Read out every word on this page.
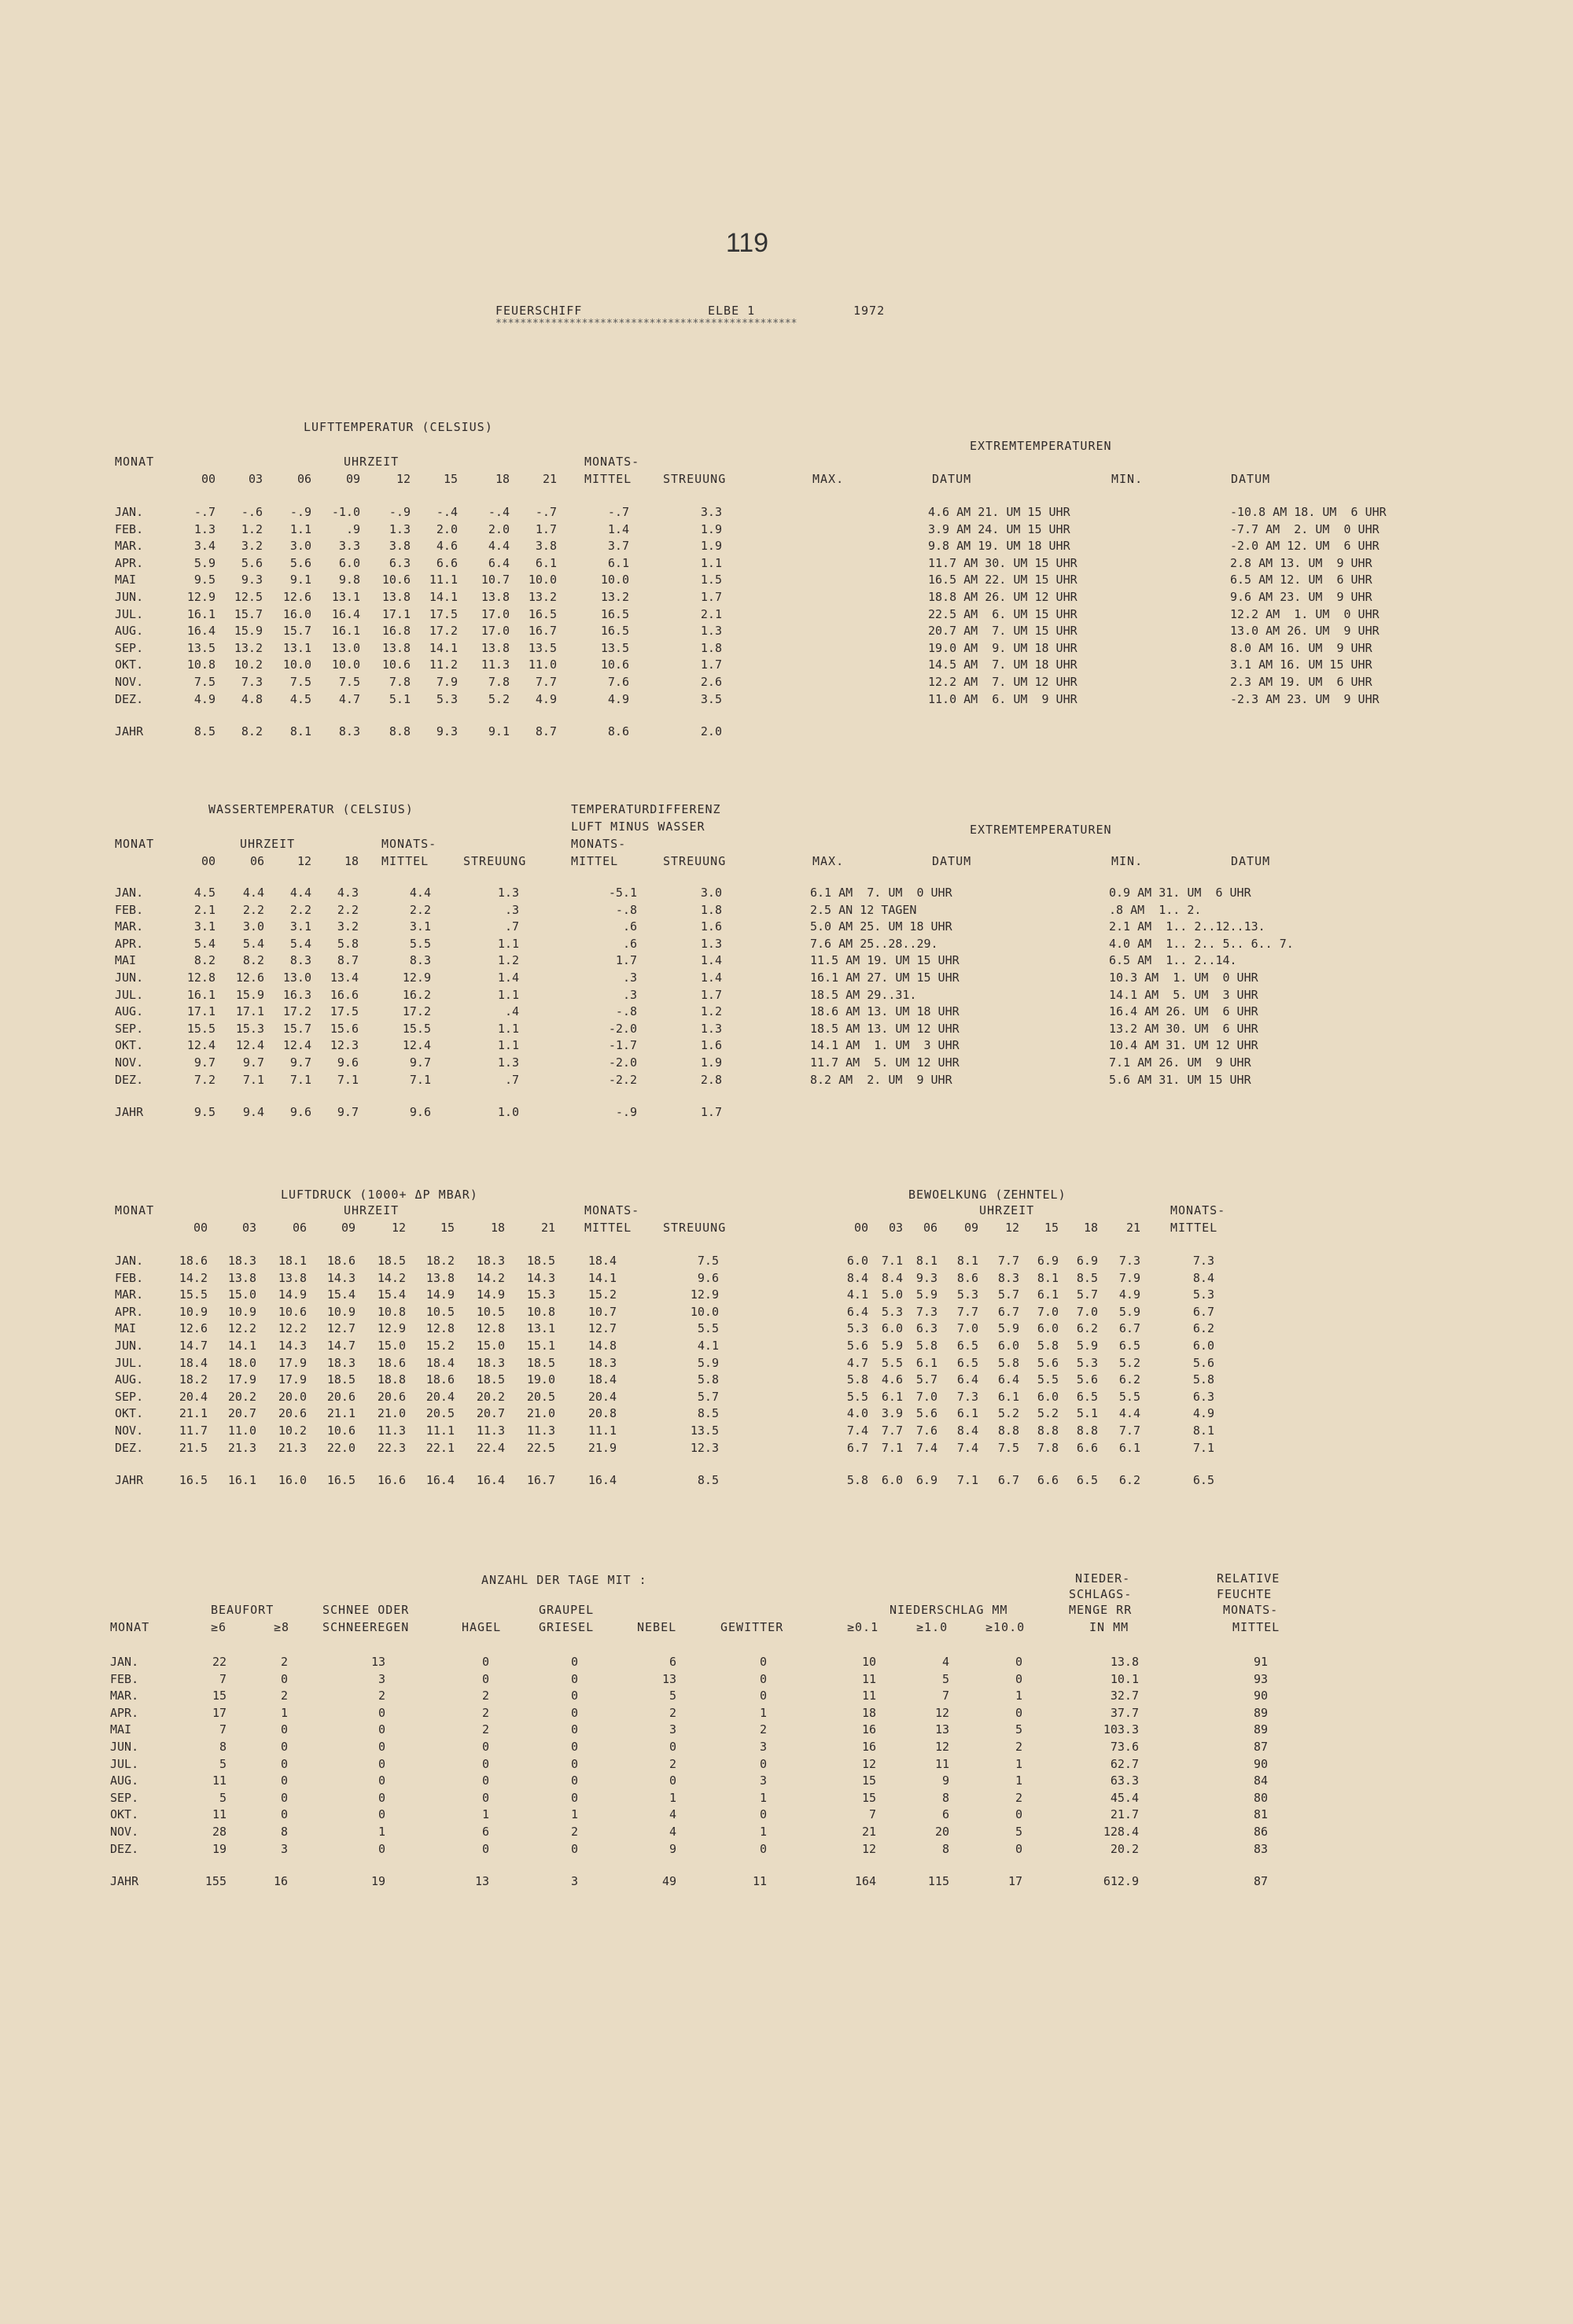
119
FEUERSCHIFF	ELBE 1	1972
*************************************************
LUFTTEMPERATUR (CELSIUS)
EXTREMTEMPERATUREN
MONAT	UHRZEIT	MONATS-
00	03	06	09	12	15	18	21 MITTEL	STREUUNG	MAX.	DATUM	MIN.	DATUM
JAN.	-.7	-.6	-.9	-1.0	-.9	-.4	-.4	-.7	-.7	3.3	4.6 AM 21. UM 15 UHR	-10.8 AM 18. UM  6 UHR
FEB.	1.3	1.2	1.1	.9	1.3	2.0	2.0	1.7	1.4	1.9	3.9 AM 24. UM 15 UHR	-7.7 AM  2. UM  0 UHR
MAR.	3.4	3.2	3.0	3.3	3.8	4.6	4.4	3.8	3.7	1.9	9.8 AM 19. UM 18 UHR	-2.0 AM 12. UM  6 UHR
APR.	5.9	5.6	5.6	6.0	6.3	6.6	6.4	6.1	6.1	1.1	11.7 AM 30. UM 15 UHR	2.8 AM 13. UM  9 UHR
MAI	9.5	9.3	9.1	9.8	10.6	11.1	10.7	10.0	10.0	1.5	16.5 AM 22. UM 15 UHR	6.5 AM 12. UM  6 UHR
JUN.	12.9	12.5	12.6	13.1	13.8	14.1	13.8	13.2	13.2	1.7	18.8 AM 26. UM 12 UHR	9.6 AM 23. UM  9 UHR
JUL.	16.1	15.7	16.0	16.4	17.1	17.5	17.0	16.5	16.5	2.1	22.5 AM  6. UM 15 UHR	12.2 AM  1. UM  0 UHR
AUG.	16.4	15.9	15.7	16.1	16.8	17.2	17.0	16.7	16.5	1.3	20.7 AM  7. UM 15 UHR	13.0 AM 26. UM  9 UHR
SEP.	13.5	13.2	13.1	13.0	13.8	14.1	13.8	13.5	13.5	1.8	19.0 AM  9. UM 18 UHR	8.0 AM 16. UM  9 UHR
OKT.	10.8	10.2	10.0	10.0	10.6	11.2	11.3	11.0	10.6	1.7	14.5 AM  7. UM 18 UHR	3.1 AM 16. UM 15 UHR
NOV.	7.5	7.3	7.5	7.5	7.8	7.9	7.8	7.7	7.6	2.6	12.2 AM  7. UM 12 UHR	2.3 AM 19. UM  6 UHR
DEZ.	4.9	4.8	4.5	4.7	5.1	5.3	5.2	4.9	4.9	3.5	11.0 AM  6. UM  9 UHR	-2.3 AM 23. UM  9 UHR
JAHR	8.5	8.2	8.1	8.3	8.8	9.3	9.1	8.7	8.6	2.0
WASSERTEMPERATUR (CELSIUS)	TEMPERATURDIFFERENZ
LUFT MINUS WASSER	EXTREMTEMPERATUREN
MONAT	UHRZEIT	MONATS-	MONATS-
00	06	12	18 MITTEL	STREUUNG	MITTEL	STREUUNG	MAX.	DATUM	MIN.	DATUM
JAN.	4.5	4.4	4.4	4.3	4.4	1.3	-5.1	3.0	6.1 AM  7. UM  0 UHR	0.9 AM 31. UM  6 UHR
FEB.	2.1	2.2	2.2	2.2	2.2	.3	-.8	1.8	2.5 AN 12 TAGEN	.8 AM  1.. 2.
MAR.	3.1	3.0	3.1	3.2	3.1	.7	.6	1.6	5.0 AM 25. UM 18 UHR	2.1 AM  1.. 2..12..13.
APR.	5.4	5.4	5.4	5.8	5.5	1.1	.6	1.3	7.6 AM 25..28..29.	4.0 AM  1.. 2.. 5.. 6.. 7.
MAI	8.2	8.2	8.3	8.7	8.3	1.2	1.7	1.4	11.5 AM 19. UM 15 UHR	6.5 AM  1.. 2..14.
JUN.	12.8	12.6	13.0	13.4	12.9	1.4	.3	1.4	16.1 AM 27. UM 15 UHR	10.3 AM  1. UM  0 UHR
JUL.	16.1	15.9	16.3	16.6	16.2	1.1	.3	1.7	18.5 AM 29..31.	14.1 AM  5. UM  3 UHR
AUG.	17.1	17.1	17.2	17.5	17.2	.4	-.8	1.2	18.6 AM 13. UM 18 UHR	16.4 AM 26. UM  6 UHR
SEP.	15.5	15.3	15.7	15.6	15.5	1.1	-2.0	1.3	18.5 AM 13. UM 12 UHR	13.2 AM 30. UM  6 UHR
OKT.	12.4	12.4	12.4	12.3	12.4	1.1	-1.7	1.6	14.1 AM  1. UM  3 UHR	10.4 AM 31. UM 12 UHR
NOV.	9.7	9.7	9.7	9.6	9.7	1.3	-2.0	1.9	11.7 AM  5. UM 12 UHR	7.1 AM 26. UM  9 UHR
DEZ.	7.2	7.1	7.1	7.1	7.1	.7	-2.2	2.8	8.2 AM  2. UM  9 UHR	5.6 AM 31. UM 15 UHR
JAHR	9.5	9.4	9.6	9.7	9.6	1.0	-.9	1.7
LUFTDRUCK (1000+ ΔP MBAR)	BEWOELKUNG (ZEHNTEL)
MONAT	UHRZEIT	MONATS-	UHRZEIT	MONATS-
00	03	06	09	12	15	18	21	00	03	06	09	12	15	18	21
MITTEL	STREUUNG	MITTEL
JAN.	18.6	18.3	18.1	18.6	18.5	18.2	18.3	18.5	18.4	7.5	6.0	7.1	8.1	8.1	7.7	6.9	6.9	7.3	7.3
FEB.	14.2	13.8	13.8	14.3	14.2	13.8	14.2	14.3	14.1	9.6	8.4	8.4	9.3	8.6	8.3	8.1	8.5	7.9	8.4
MAR.	15.5	15.0	14.9	15.4	15.4	14.9	14.9	15.3	15.2	12.9	4.1	5.0	5.9	5.3	5.7	6.1	5.7	4.9	5.3
APR.	10.9	10.9	10.6	10.9	10.8	10.5	10.5	10.8	10.7	10.0	6.4	5.3	7.3	7.7	6.7	7.0	7.0	5.9	6.7
MAI	12.6	12.2	12.2	12.7	12.9	12.8	12.8	13.1	12.7	5.5	5.3	6.0	6.3	7.0	5.9	6.0	6.2	6.7	6.2
JUN.	14.7	14.1	14.3	14.7	15.0	15.2	15.0	15.1	14.8	4.1	5.6	5.9	5.8	6.5	6.0	5.8	5.9	6.5	6.0
JUL.	18.4	18.0	17.9	18.3	18.6	18.4	18.3	18.5	18.3	5.9	4.7	5.5	6.1	6.5	5.8	5.6	5.3	5.2	5.6
AUG.	18.2	17.9	17.9	18.5	18.8	18.6	18.5	19.0	18.4	5.8	5.8	4.6	5.7	6.4	6.4	5.5	5.6	6.2	5.8
SEP.	20.4	20.2	20.0	20.6	20.6	20.4	20.2	20.5	20.4	5.7	5.5	6.1	7.0	7.3	6.1	6.0	6.5	5.5	6.3
OKT.	21.1	20.7	20.6	21.1	21.0	20.5	20.7	21.0	20.8	8.5	4.0	3.9	5.6	6.1	5.2	5.2	5.1	4.4	4.9
NOV.	11.7	11.0	10.2	10.6	11.3	11.1	11.3	11.3	11.1	13.5	7.4	7.7	7.6	8.4	8.8	8.8	8.8	7.7	8.1
DEZ.	21.5	21.3	21.3	22.0	22.3	22.1	22.4	22.5	21.9	12.3	6.7	7.1	7.4	7.4	7.5	7.8	6.6	6.1	7.1
JAHR	16.5	16.1	16.0	16.5	16.6	16.4	16.4	16.7	16.4	8.5	5.8	6.0	6.9	7.1	6.7	6.6	6.5	6.2	6.5
ANZAHL DER TAGE MIT :	NIEDER-	RELATIVE
SCHLAGS-	FEUCHTE
BEAUFORT	SCHNEE ODER	GRAUPEL	NIEDERSCHLAG MM	MENGE RR	MONATS-
MONAT	≥6	≥8	SCHNEEREGEN	HAGEL	GRIESEL	NEBEL	GEWITTER	≥0.1	≥1.0	≥10.0	IN MM	MITTEL
JAN.	22	2	13	0	0	6	0	10	4	0	13.8	91
FEB.	7	0	3	0	0	13	0	11	5	0	10.1	93
MAR.	15	2	2	2	0	5	0	11	7	1	32.7	90
APR.	17	1	0	2	0	2	1	18	12	0	37.7	89
MAI	7	0	0	2	0	3	2	16	13	5	103.3	89
JUN.	8	0	0	0	0	0	3	16	12	2	73.6	87
JUL.	5	0	0	0	0	2	0	12	11	1	62.7	90
AUG.	11	0	0	0	0	0	3	15	9	1	63.3	84
SEP.	5	0	0	0	0	1	1	15	8	2	45.4	80
OKT.	11	0	0	1	1	4	0	7	6	0	21.7	81
NOV.	28	8	1	6	2	4	1	21	20	5	128.4	86
DEZ.	19	3	0	0	0	9	0	12	8	0	20.2	83
JAHR	155	16	19	13	3	49	11	164	115	17	612.9	87
